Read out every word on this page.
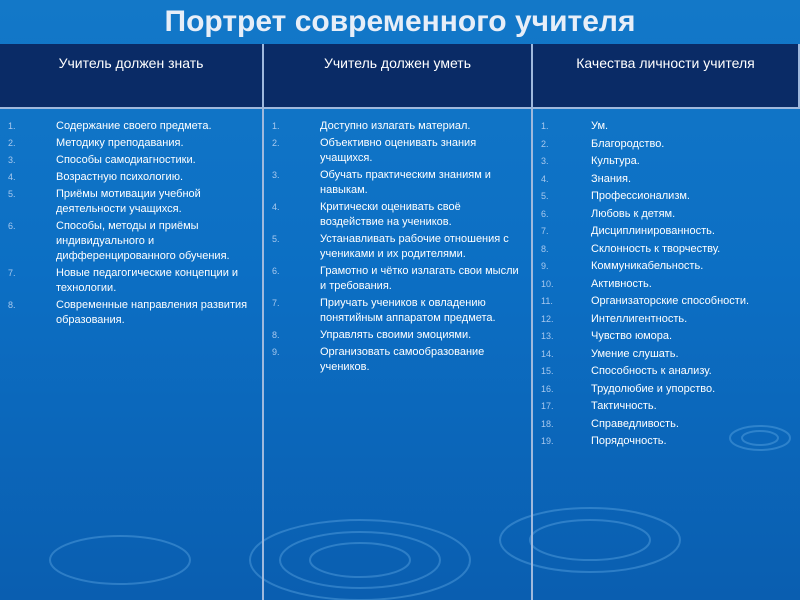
Портрет современного учителя
Учитель должен знать	Учитель должен уметь	Качества личности учителя
1.	Содержание своего предмета.
2.	Методику преподавания.
3.	Способы самодиагностики.
4.	Возрастную психологию.
5.	Приёмы мотивации учебной деятельности учащихся.
6.	Способы, методы и приёмы индивидуального и дифференцированного обучения.
7.	Новые педагогические концепции и технологии.
8.	Современные направления развития образования.
1.	Доступно излагать материал.
2.	Объективно оценивать знания учащихся.
3.	Обучать практическим знаниям и навыкам.
4.	Критически оценивать своё воздействие на учеников.
5.	Устанавливать рабочие отношения с учениками и их родителями.
6.	Грамотно и чётко излагать свои мысли и требования.
7.	Приучать учеников к овладению понятийным аппаратом предмета.
8.	Управлять своими эмоциями.
9.	Организовать самообразование учеников.
1.	Ум.
2.	Благородство.
3.	Культура.
4.	Знания.
5.	Профессионализм.
6.	Любовь к детям.
7.	Дисциплинированность.
8.	Склонность к творчеству.
9.	Коммуникабельность.
10.	Активность.
11.	Организаторские способности.
12.	Интеллигентность.
13.	Чувство юмора.
14.	Умение слушать.
15.	Способность к анализу.
16.	Трудолюбие и упорство.
17.	Тактичность.
18.	Справедливость.
19.	Порядочность.
